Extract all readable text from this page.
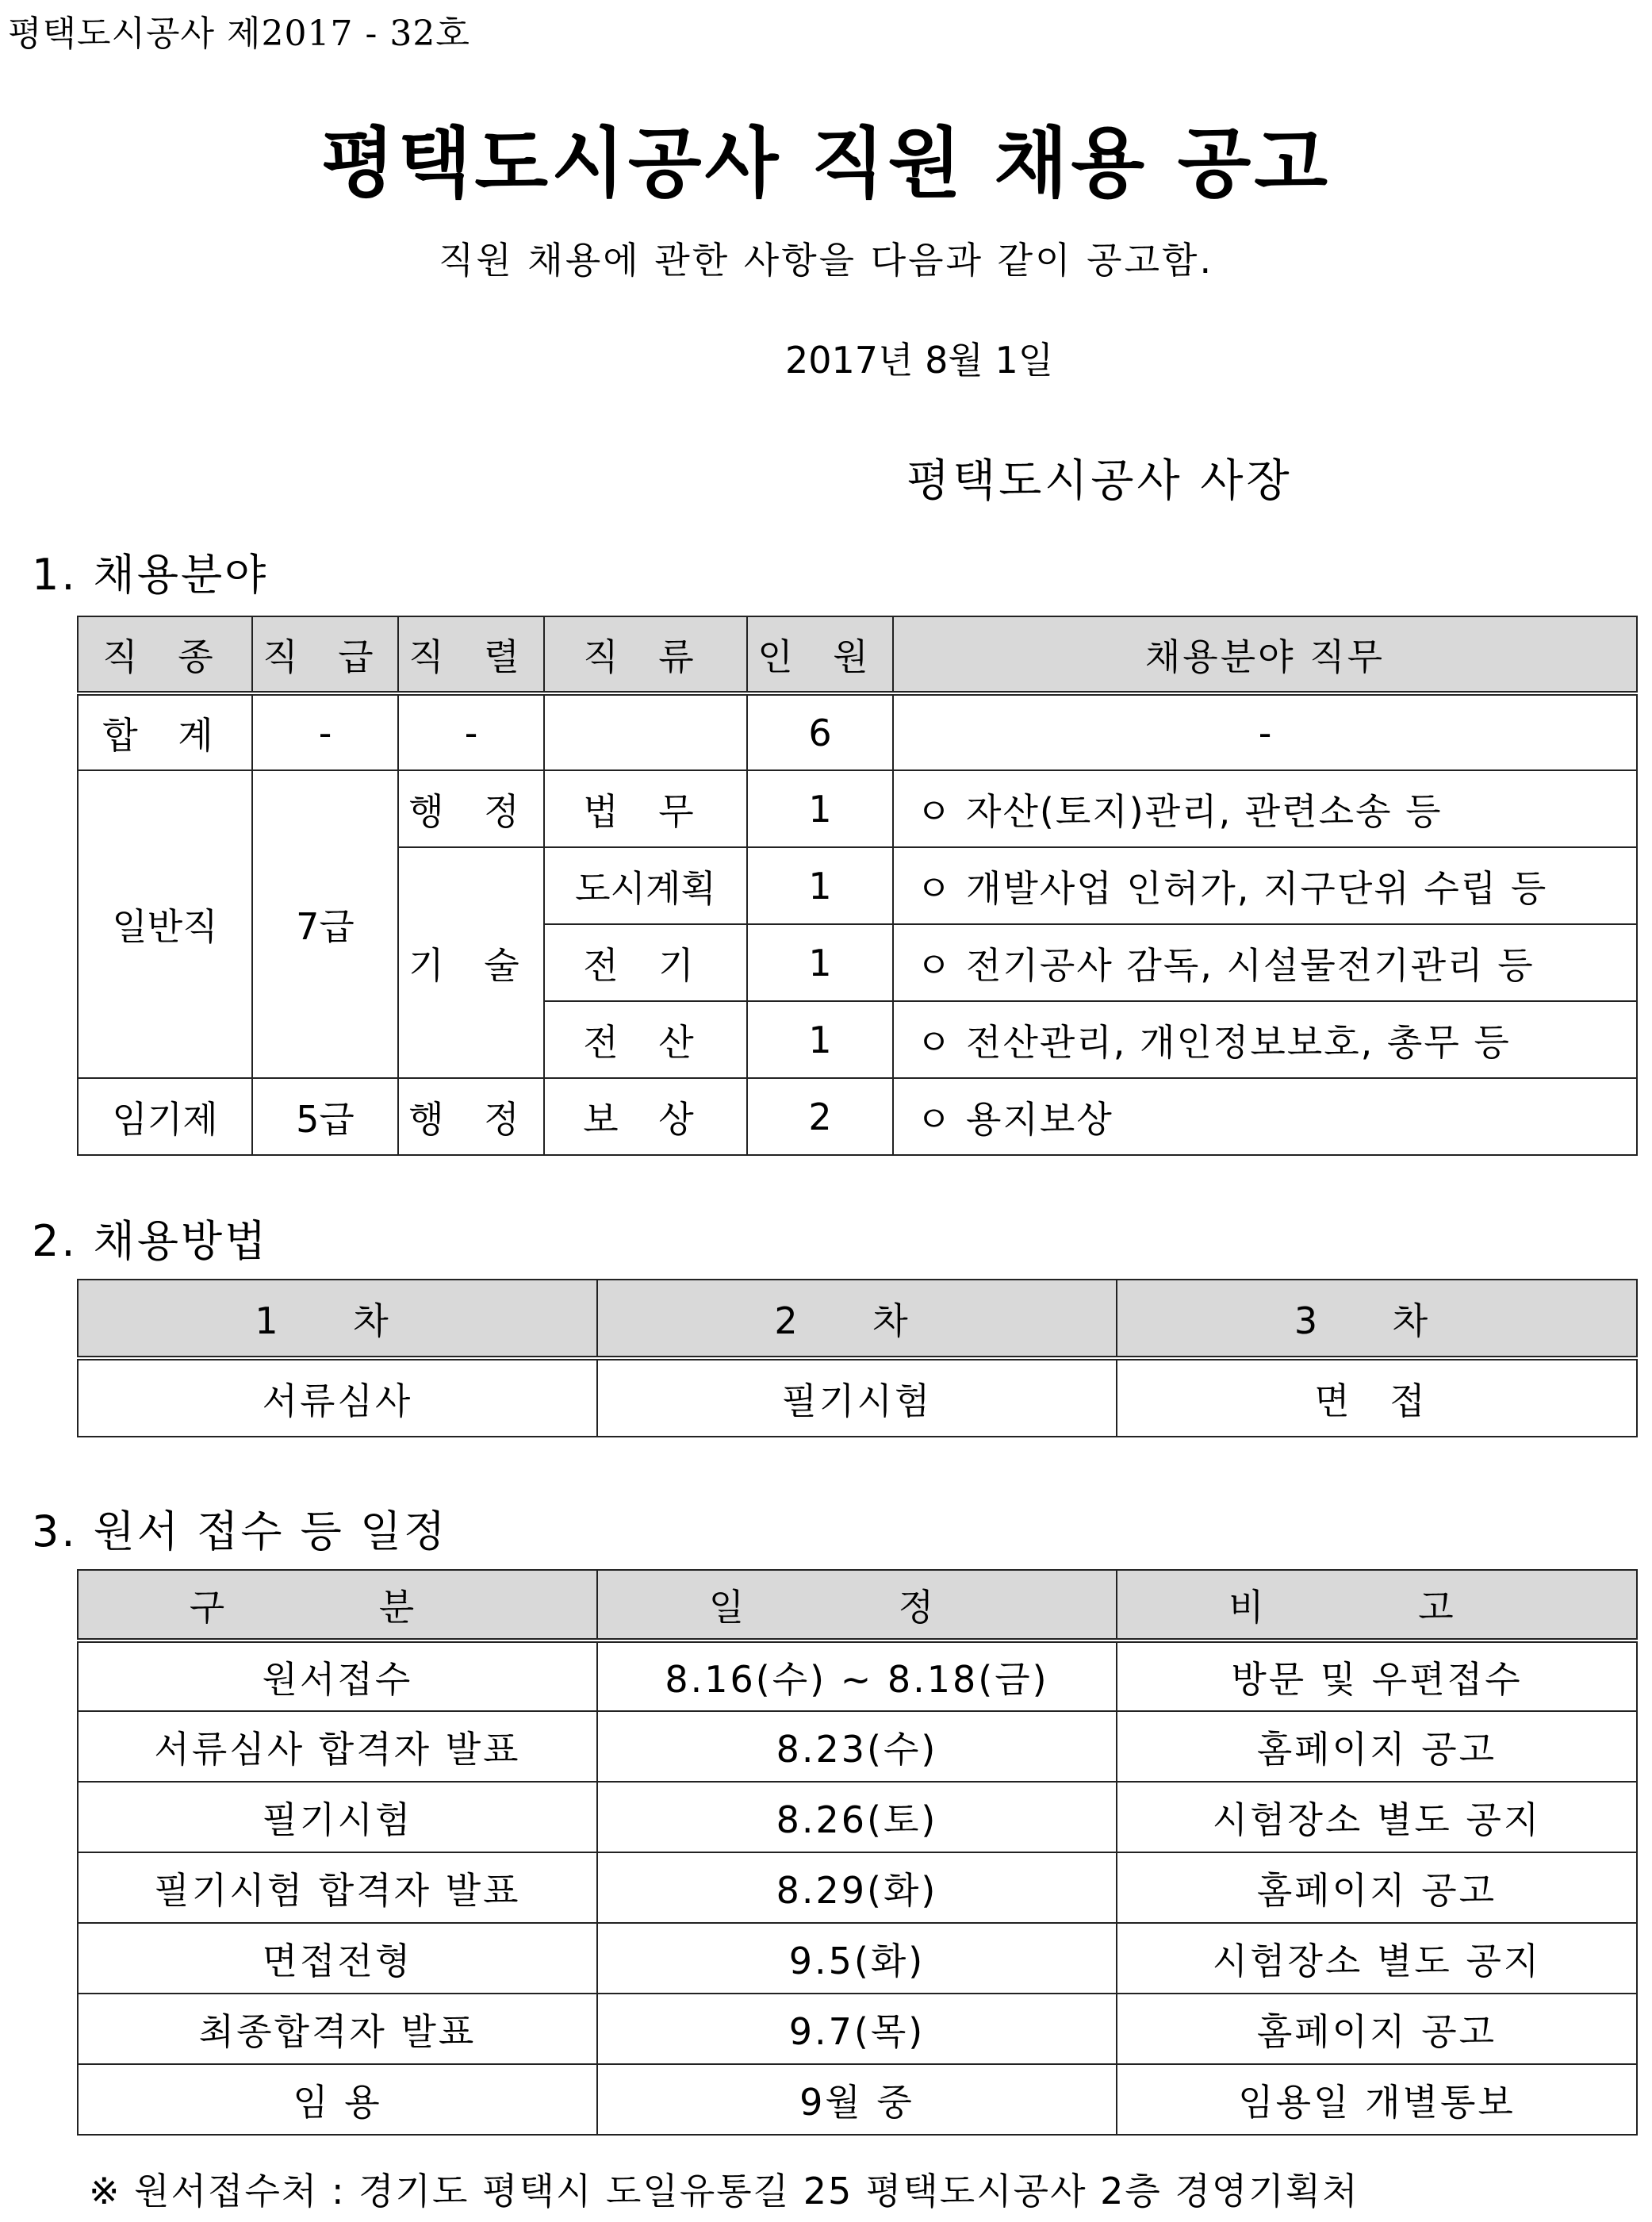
평택도시공사 제2017 - 32호
평택도시공사 직원 채용 공고
직원 채용에 관한 사항을 다음과 같이 공고함.
2017년 8월 1일
평택도시공사 사장
1. 채용분야
직 종	직 급	직 렬	직 류	인 원	채용분야 직무
합 계	-	-		6	-
일반직	7급	행 정	법 무	1	ㅇ 자산(토지)관리, 관련소송 등
		기 술	도시계획	1	ㅇ 개발사업 인허가, 지구단위 수립 등
			전 기	1	ㅇ 전기공사 감독, 시설물전기관리 등
			전 산	1	ㅇ 전산관리, 개인정보보호, 총무 등
임기제	5급	행 정	보 상	2	ㅇ 용지보상
2. 채용방법
1 차	2 차	3 차
서류심사	필기시험	면 접
3. 원서 접수 등 일정
구 분	일 정	비 고
원서접수	8.16(수) ~ 8.18(금)	방문 및 우편접수
서류심사 합격자 발표	8.23(수)	홈페이지 공고
필기시험	8.26(토)	시험장소 별도 공지
필기시험 합격자 발표	8.29(화)	홈페이지 공고
면접전형	9.5(화)	시험장소 별도 공지
최종합격자 발표	9.7(목)	홈페이지 공고
임 용	9월 중	임용일 개별통보
※ 원서접수처 : 경기도 평택시 도일유통길 25 평택도시공사 2층 경영기획처
